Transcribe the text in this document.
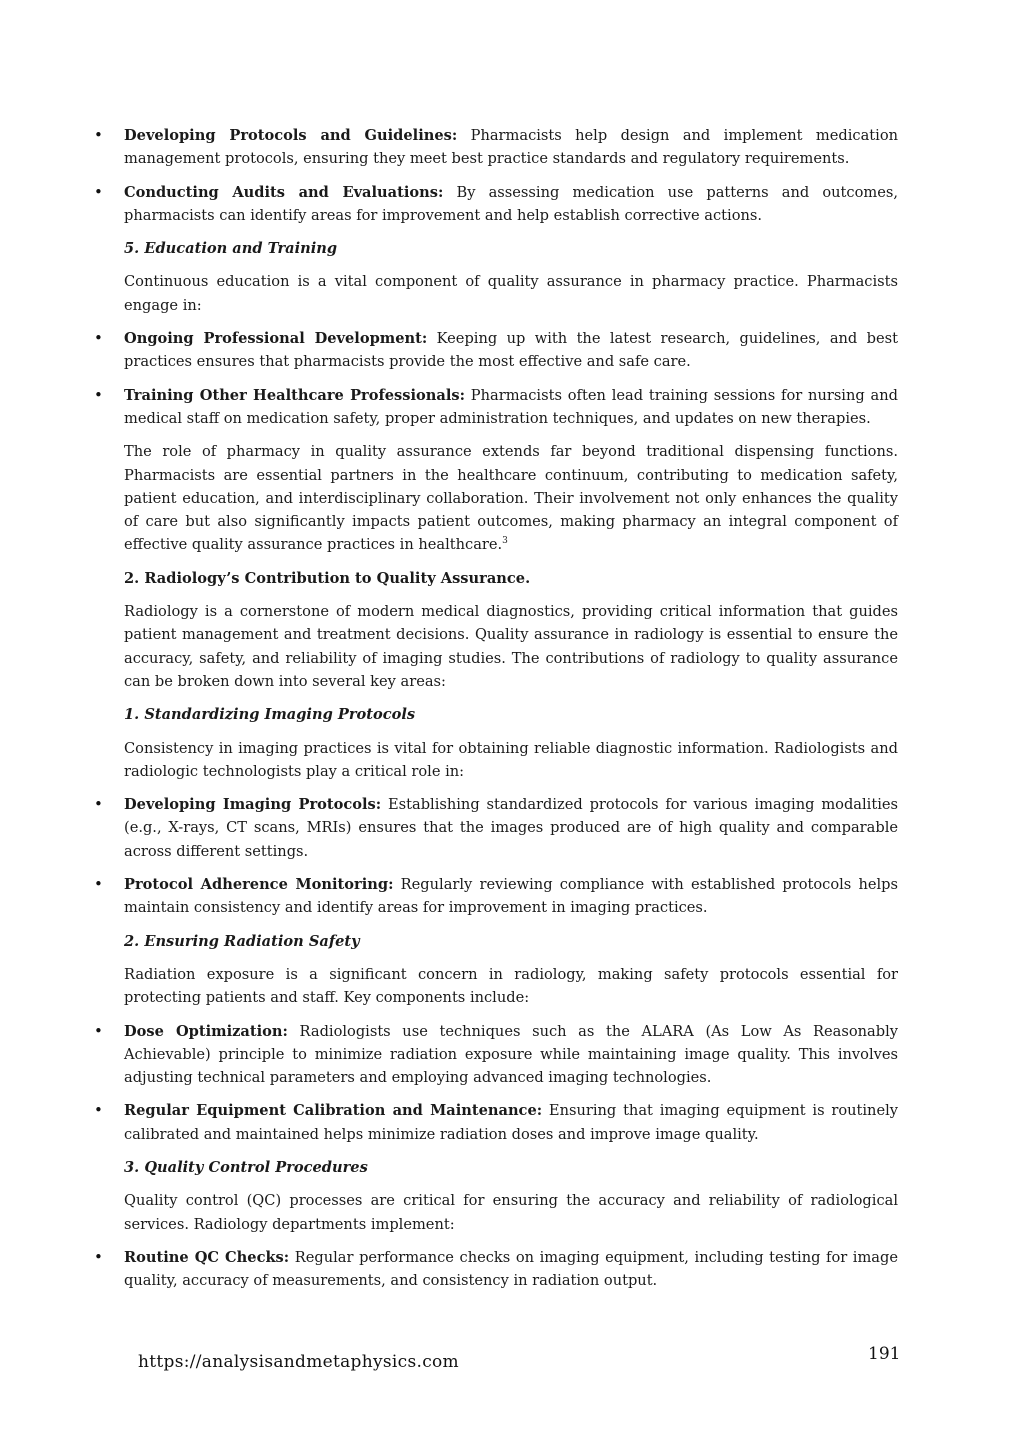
• Developing Protocols and Guidelines: Pharmacists help design and implement medication management protocols, ensuring they meet best practice standards and regulatory requirements.
• Conducting Audits and Evaluations: By assessing medication use patterns and outcomes, pharmacists can identify areas for improvement and help establish corrective actions.
5. Education and Training
Continuous education is a vital component of quality assurance in pharmacy practice. Pharmacists engage in:
• Ongoing Professional Development: Keeping up with the latest research, guidelines, and best practices ensures that pharmacists provide the most effective and safe care.
• Training Other Healthcare Professionals: Pharmacists often lead training sessions for nursing and medical staff on medication safety, proper administration techniques, and updates on new therapies.
The role of pharmacy in quality assurance extends far beyond traditional dispensing functions. Pharmacists are essential partners in the healthcare continuum, contributing to medication safety, patient education, and interdisciplinary collaboration. Their involvement not only enhances the quality of care but also significantly impacts patient outcomes, making pharmacy an integral component of effective quality assurance practices in healthcare.$^3$
2. Radiology’s Contribution to Quality Assurance.
Radiology is a cornerstone of modern medical diagnostics, providing critical information that guides patient management and treatment decisions. Quality assurance in radiology is essential to ensure the accuracy, safety, and reliability of imaging studies. The contributions of radiology to quality assurance can be broken down into several key areas:
1. Standardizing Imaging Protocols
Consistency in imaging practices is vital for obtaining reliable diagnostic information. Radiologists and radiologic technologists play a critical role in:
• Developing Imaging Protocols: Establishing standardized protocols for various imaging modalities (e.g., X-rays, CT scans, MRIs) ensures that the images produced are of high quality and comparable across different settings.
• Protocol Adherence Monitoring: Regularly reviewing compliance with established protocols helps maintain consistency and identify areas for improvement in imaging practices.
2. Ensuring Radiation Safety
Radiation exposure is a significant concern in radiology, making safety protocols essential for protecting patients and staff. Key components include:
• Dose Optimization: Radiologists use techniques such as the ALARA (As Low As Reasonably Achievable) principle to minimize radiation exposure while maintaining image quality. This involves adjusting technical parameters and employing advanced imaging technologies.
• Regular Equipment Calibration and Maintenance: Ensuring that imaging equipment is routinely calibrated and maintained helps minimize radiation doses and improve image quality.
3. Quality Control Procedures
Quality control (QC) processes are critical for ensuring the accuracy and reliability of radiological services. Radiology departments implement:
• Routine QC Checks: Regular performance checks on imaging equipment, including testing for image quality, accuracy of measurements, and consistency in radiation output.
https://analysisandmetaphysics.com	191
